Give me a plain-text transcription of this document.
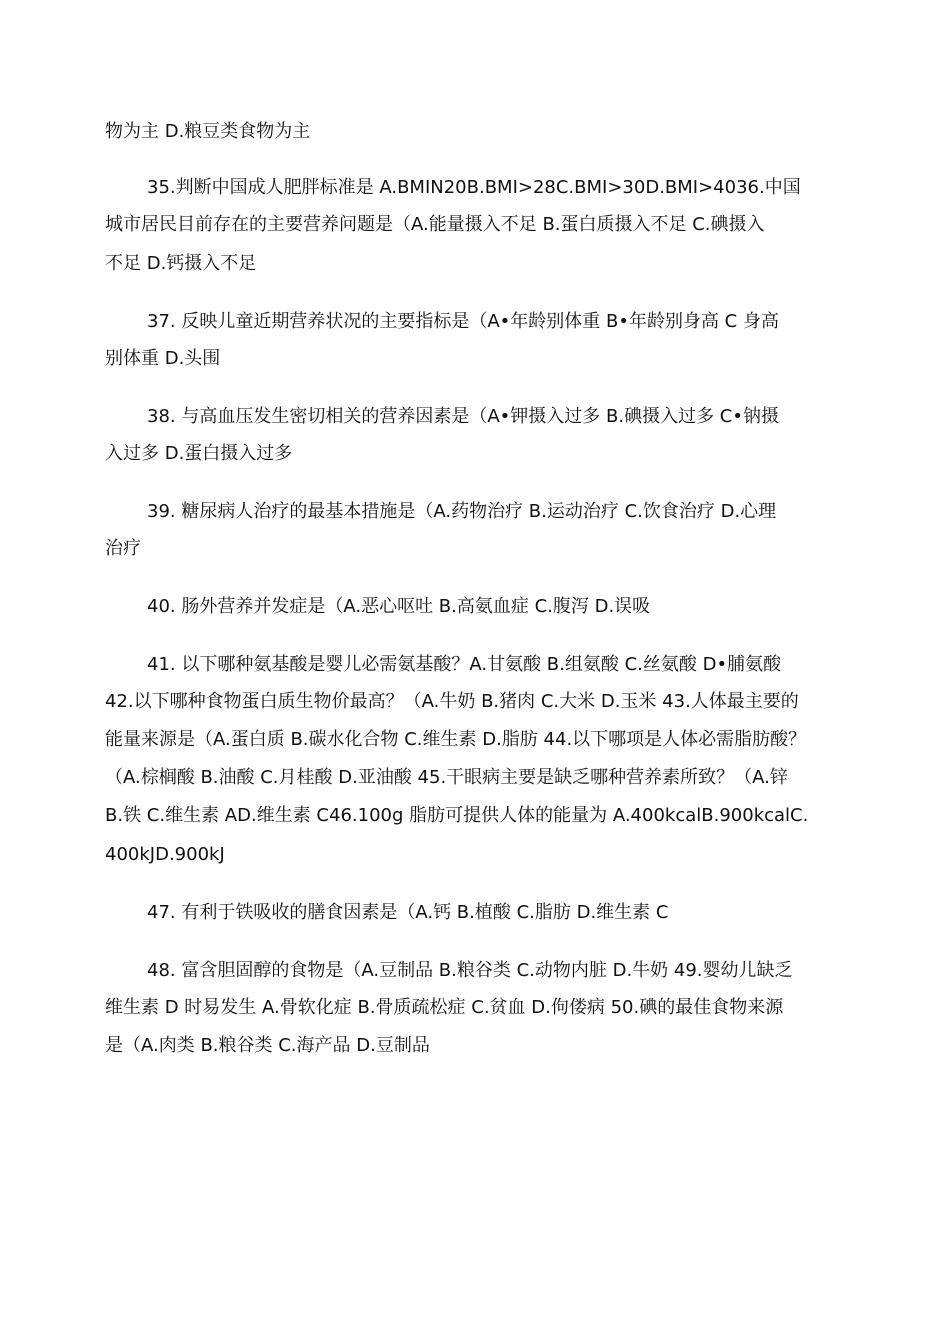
物为主 D.粮豆类食物为主
35.判断中国成人肥胖标准是 A.BMIN20B.BMI>28C.BMI>30D.BMI>4036.中国
城市居民目前存在的主要营养问题是（A.能量摄入不足 B.蛋白质摄入不足 C.碘摄入
不足 D.钙摄入不足
37. 反映儿童近期营养状况的主要指标是（A•年龄别体重 B•年龄别身高 C 身高
别体重 D.头围
38. 与高血压发生密切相关的营养因素是（A•钾摄入过多 B.碘摄入过多 C•钠摄
入过多 D.蛋白摄入过多
39. 糖尿病人治疗的最基本措施是（A.药物治疗 B.运动治疗 C.饮食治疗 D.心理
治疗
40. 肠外营养并发症是（A.恶心呕吐 B.高氨血症 C.腹泻 D.误吸
41. 以下哪种氨基酸是婴儿必需氨基酸？A.甘氨酸 B.组氨酸 C.丝氨酸 D•脯氨酸
42.以下哪种食物蛋白质生物价最高？（A.牛奶 B.猪肉 C.大米 D.玉米 43.人体最主要的
能量来源是（A.蛋白质 B.碳水化合物 C.维生素 D.脂肪 44.以下哪项是人体必需脂肪酸？
（A.棕榈酸 B.油酸 C.月桂酸 D.亚油酸 45.干眼病主要是缺乏哪种营养素所致？（A.锌
B.铁 C.维生素 AD.维生素 C46.100g 脂肪可提供人体的能量为 A.400kcalB.900kcalC.
400kJD.900kJ
47. 有利于铁吸收的膳食因素是（A.钙 B.植酸 C.脂肪 D.维生素 C
48. 富含胆固醇的食物是（A.豆制品 B.粮谷类 C.动物内脏 D.牛奶 49.婴幼儿缺乏
维生素 D 时易发生 A.骨软化症 B.骨质疏松症 C.贫血 D.佝偻病 50.碘的最佳食物来源
是（A.肉类 B.粮谷类 C.海产品 D.豆制品
